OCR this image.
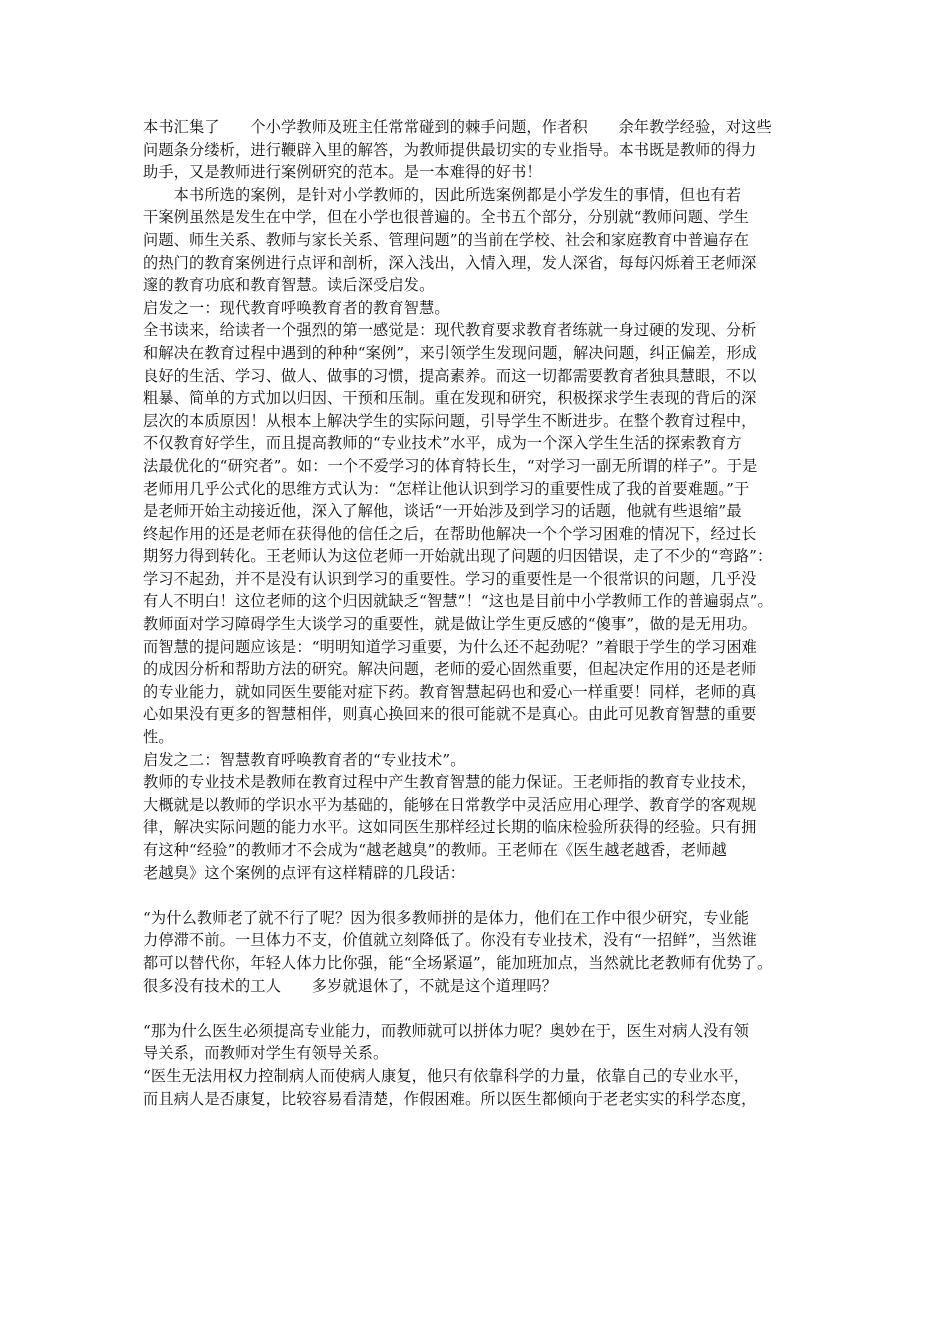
本书汇集了　　个小学教师及班主任常常碰到的棘手问题，作者积　　余年教学经验，对这些
问题条分缕析，进行鞭辟入里的解答，为教师提供最切实的专业指导。本书既是教师的得力
助手，又是教师进行案例研究的范本。是一本难得的好书！
　　本书所选的案例，是针对小学教师的，因此所选案例都是小学发生的事情，但也有若
干案例虽然是发生在中学，但在小学也很普遍的。全书五个部分，分别就“教师问题、学生
问题、师生关系、教师与家长关系、管理问题”的当前在学校、社会和家庭教育中普遍存在
的热门的教育案例进行点评和剖析，深入浅出，入情入理，发人深省，每每闪烁着王老师深
邃的教育功底和教育智慧。读后深受启发。
启发之一：现代教育呼唤教育者的教育智慧。
全书读来，给读者一个强烈的第一感觉是：现代教育要求教育者练就一身过硬的发现、分析
和解决在教育过程中遇到的种种“案例”，来引领学生发现问题，解决问题，纠正偏差，形成
良好的生活、学习、做人、做事的习惯，提高素养。而这一切都需要教育者独具慧眼，不以
粗暴、简单的方式加以归因、干预和压制。重在发现和研究，积极探求学生表现的背后的深
层次的本质原因！从根本上解决学生的实际问题，引导学生不断进步。在整个教育过程中，
不仅教育好学生，而且提高教师的“专业技术”水平，成为一个深入学生生活的探索教育方
法最优化的“研究者”。如：一个不爱学习的体育特长生，“对学习一副无所谓的样子”。于是
老师用几乎公式化的思维方式认为：“怎样让他认识到学习的重要性成了我的首要难题。”于
是老师开始主动接近他，深入了解他，谈话“一开始涉及到学习的话题，他就有些退缩”最
终起作用的还是老师在获得他的信任之后，在帮助他解决一个个学习困难的情况下，经过长
期努力得到转化。王老师认为这位老师一开始就出现了问题的归因错误，走了不少的“弯路”：
学习不起劲，并不是没有认识到学习的重要性。学习的重要性是一个很常识的问题，几乎没
有人不明白！这位老师的这个归因就缺乏“智慧”！“这也是目前中小学教师工作的普遍弱点”。
教师面对学习障碍学生大谈学习的重要性，就是做让学生更反感的“傻事”，做的是无用功。
而智慧的提问题应该是：“明明知道学习重要，为什么还不起劲呢？”着眼于学生的学习困难
的成因分析和帮助方法的研究。解决问题，老师的爱心固然重要，但起决定作用的还是老师
的专业能力，就如同医生要能对症下药。教育智慧起码也和爱心一样重要！同样，老师的真
心如果没有更多的智慧相伴，则真心换回来的很可能就不是真心。由此可见教育智慧的重要
性。
启发之二：智慧教育呼唤教育者的“专业技术”。
教师的专业技术是教师在教育过程中产生教育智慧的能力保证。王老师指的教育专业技术，
大概就是以教师的学识水平为基础的，能够在日常教学中灵活应用心理学、教育学的客观规
律，解决实际问题的能力水平。这如同医生那样经过长期的临床检验所获得的经验。只有拥
有这种“经验”的教师才不会成为“越老越臭”的教师。王老师在《医生越老越香，老师越
老越臭》这个案例的点评有这样精辟的几段话：
“为什么教师老了就不行了呢？因为很多教师拼的是体力，他们在工作中很少研究，专业能
力停滞不前。一旦体力不支，价值就立刻降低了。你没有专业技术，没有“一招鲜”，当然谁
都可以替代你，年轻人体力比你强，能“全场紧逼”，能加班加点，当然就比老教师有优势了。
很多没有技术的工人　　多岁就退休了，不就是这个道理吗？
“那为什么医生必须提高专业能力，而教师就可以拼体力呢？奥妙在于，医生对病人没有领
导关系，而教师对学生有领导关系。
“医生无法用权力控制病人而使病人康复，他只有依靠科学的力量，依靠自己的专业水平，
而且病人是否康复，比较容易看清楚，作假困难。所以医生都倾向于老老实实的科学态度，
